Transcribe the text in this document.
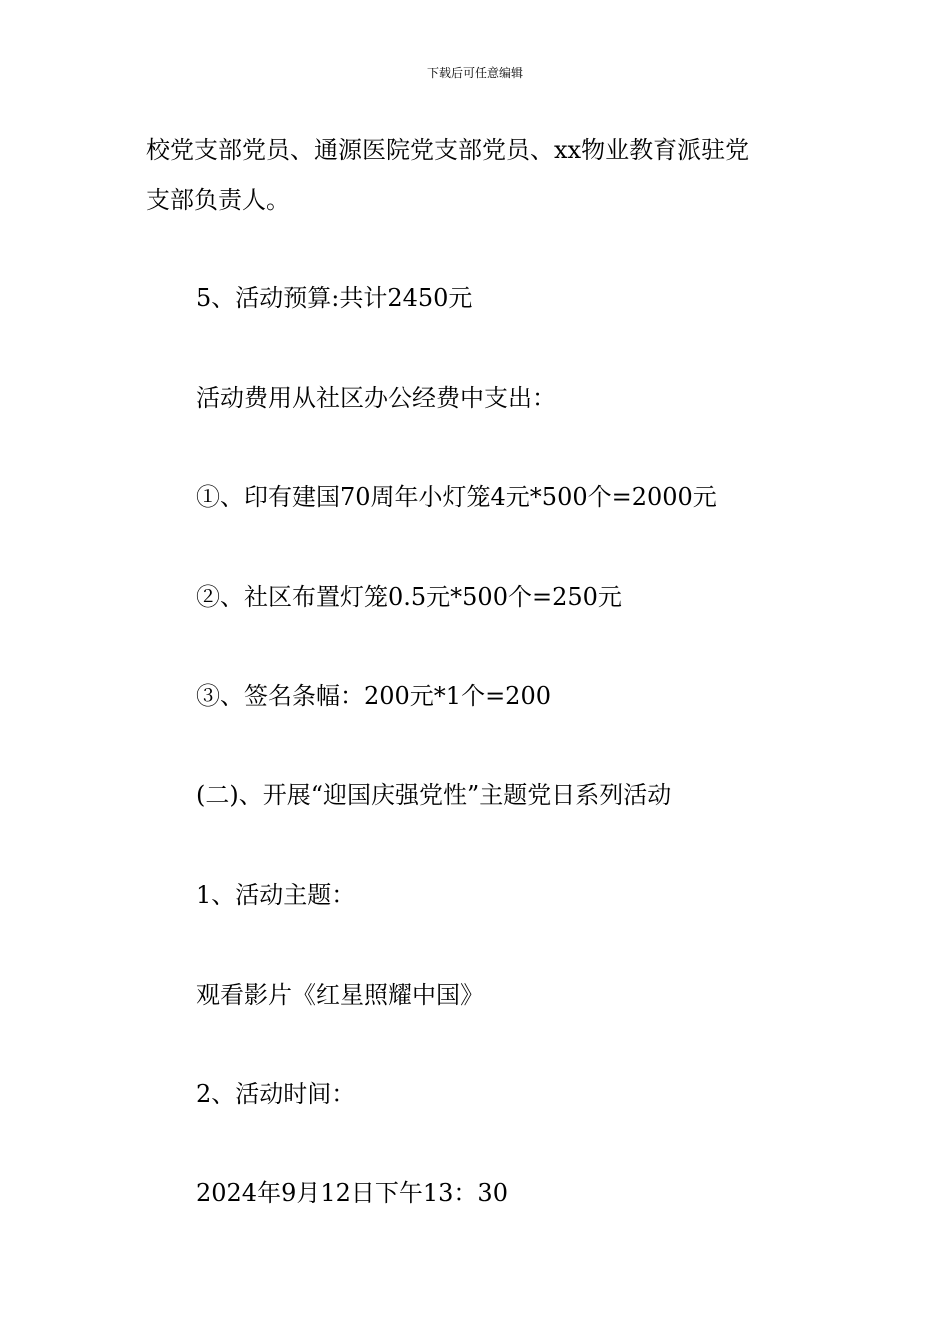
下载后可任意编辑
校党支部党员、通源医院党支部党员、xx物业教育派驻党
支部负责人。
5、活动预算:共计2450元
活动费用从社区办公经费中支出：
①、印有建国70周年小灯笼4元*500个=2000元
②、社区布置灯笼0.5元*500个=250元
③、签名条幅：200元*1个=200
(二)、开展“迎国庆强党性”主题党日系列活动
1、活动主题：
观看影片《红星照耀中国》
2、活动时间：
2024年9月12日下午13：30
